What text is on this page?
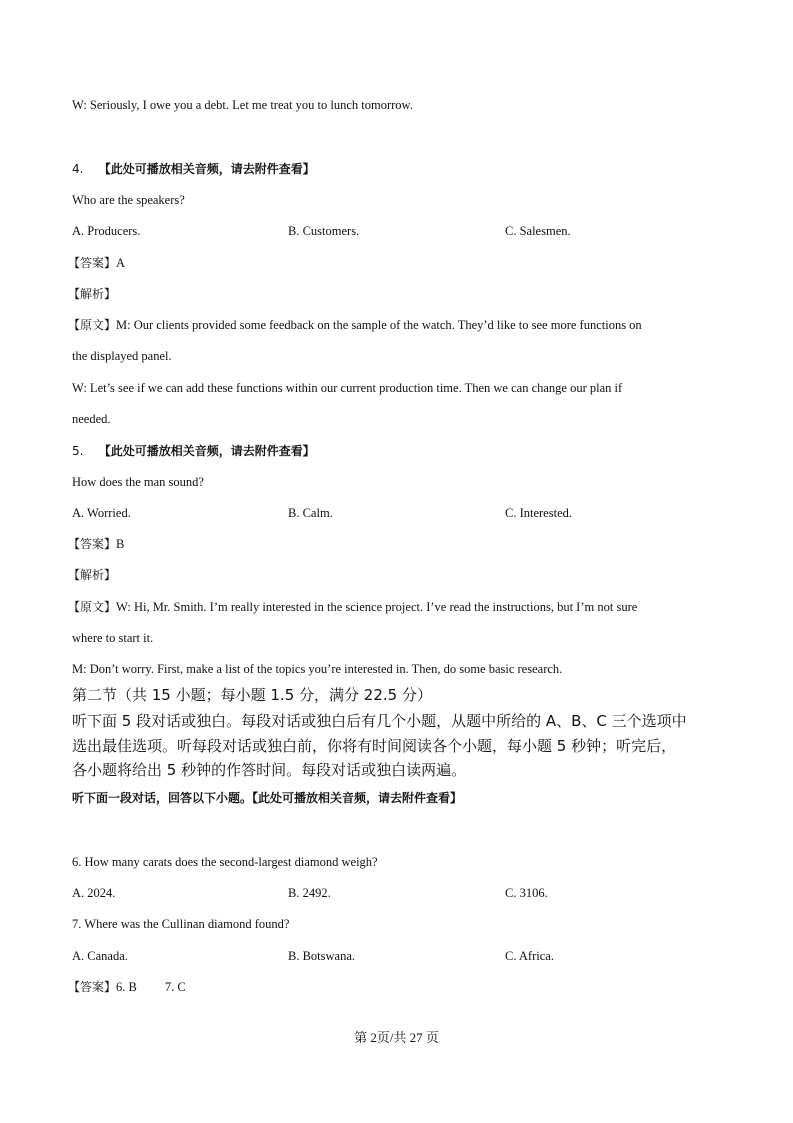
W: Seriously, I owe you a debt. Let me treat you to lunch tomorrow.
4. 【此处可播放相关音频，请去附件查看】
Who are the speakers?
A. Producers.	B. Customers.	C. Salesmen.
【答案】A
【解析】
【原文】M: Our clients provided some feedback on the sample of the watch. They’d like to see more functions on
the displayed panel.
W: Let’s see if we can add these functions within our current production time. Then we can change our plan if
needed.
5. 【此处可播放相关音频，请去附件查看】
How does the man sound?
A. Worried.	B. Calm.	C. Interested.
【答案】B
【解析】
【原文】W: Hi, Mr. Smith. I’m really interested in the science project. I’ve read the instructions, but I’m not sure
where to start it.
M: Don’t worry. First, make a list of the topics you’re interested in. Then, do some basic research.
第二节（共 15 小题；每小题 1.5 分，满分 22.5 分）
听下面 5 段对话或独白。每段对话或独白后有几个小题，从题中所给的 A、B、C 三个选项中
选出最佳选项。听每段对话或独白前，你将有时间阅读各个小题，每小题 5 秒钟；听完后，
各小题将给出 5 秒钟的作答时间。每段对话或独白读两遍。
听下面一段对话，回答以下小题。【此处可播放相关音频，请去附件查看】
6. How many carats does the second-largest diamond weigh?
A. 2024.	B. 2492.	C. 3106.
7. Where was the Cullinan diamond found?
A. Canada.	B. Botswana.	C. Africa.
【答案】6. B 7. C
第 2页/共 27 页
